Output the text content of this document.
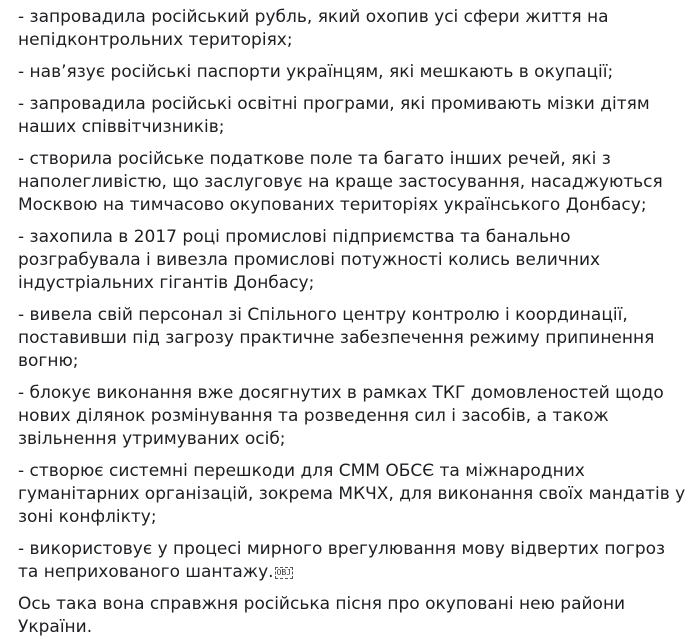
- запровадила російський рубль, який охопив усі сфери життя на непідконтрольних територіях;

- нав’язує російські паспорти українцям, які мешкають в окупації;

- запровадила російські освітні програми, які промивають мізки дітям наших співвітчизників;

- створила російське податкове поле та багато інших речей, які з наполегливістю, що заслуговує на краще застосування, насаджуються Москвою на тимчасово окупованих територіях українського Донбасу;

- захопила в 2017 році промислові підприємства та банально розграбувала і вивезла промислові потужності колись величних індустріальних гігантів Донбасу;

- вивела свій персонал зі Спільного центру контролю і координації, поставивши під загрозу практичне забезпечення режиму припинення вогню;

- блокує виконання вже досягнутих в рамках ТКГ домовленостей щодо нових ділянок розмінування та розведення сил і засобів, а також звільнення утримуваних осіб;

- створює системні перешкоди для СММ ОБСЄ та міжнародних гуманітарних організацій, зокрема МКЧХ, для виконання своїх мандатів у зоні конфлікту;

- використовує у процесі мирного врегулювання мову відвертих погроз та неприхованого шантажу. OBJ

Ось така вона справжня російська пісня про окуповані нею райони України.
